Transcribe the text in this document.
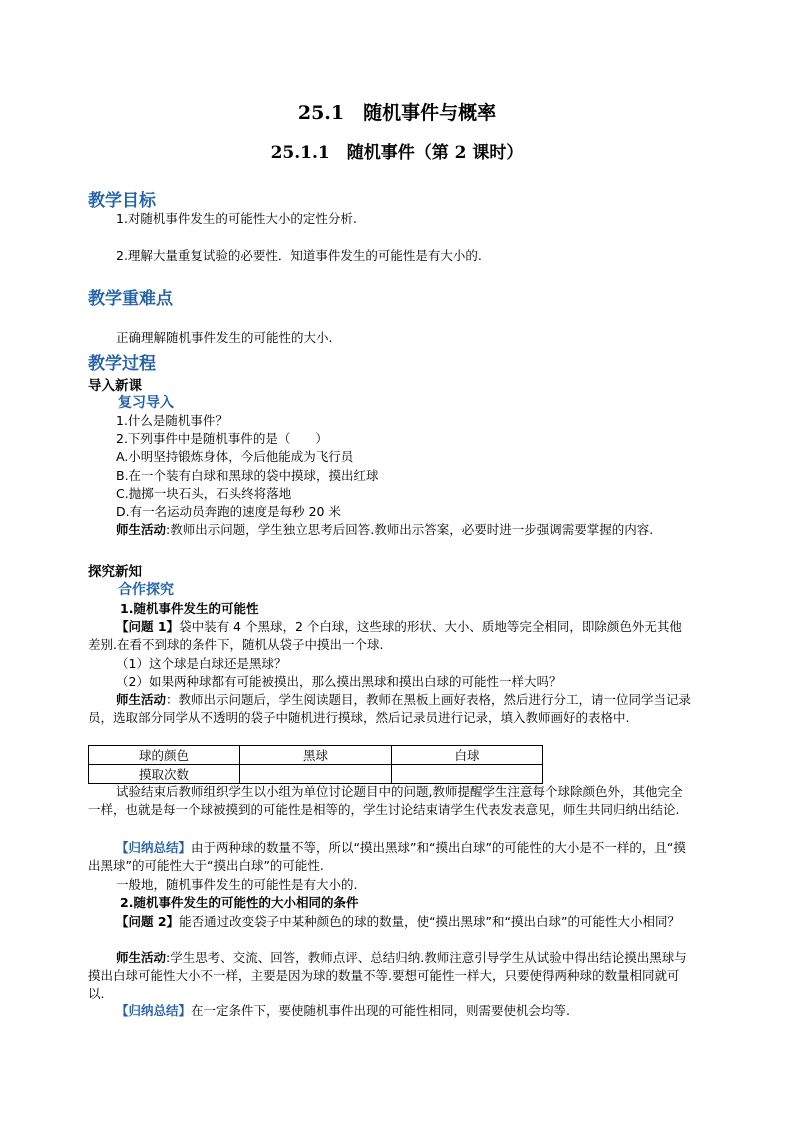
25.1　随机事件与概率
25.1.1　随机事件（第 2 课时）
教学目标
1.对随机事件发生的可能性大小的定性分析.
2.理解大量重复试验的必要性．知道事件发生的可能性是有大小的.
教学重难点
正确理解随机事件发生的可能性的大小.
教学过程
导入新课
复习导入
1.什么是随机事件？
2.下列事件中是随机事件的是（　　）
A.小明坚持锻炼身体，今后他能成为飞行员
B.在一个装有白球和黑球的袋中摸球，摸出红球
C.抛掷一块石头，石头终将落地
D.有一名运动员奔跑的速度是每秒 20 米
师生活动:教师出示问题，学生独立思考后回答.教师出示答案，必要时进一步强调需要掌握的内容.
探究新知
合作探究
1.随机事件发生的可能性
【问题 1】袋中装有 4 个黑球，2 个白球，这些球的形状、大小、质地等完全相同，即除颜色外无其他差别.在看不到球的条件下，随机从袋子中摸出一个球.
（1）这个球是白球还是黑球？
（2）如果两种球都有可能被摸出，那么摸出黑球和摸出白球的可能性一样大吗？
师生活动：教师出示问题后，学生阅读题目，教师在黑板上画好表格，然后进行分工，请一位同学当记录员，选取部分同学从不透明的袋子中随机进行摸球，然后记录员进行记录，填入教师画好的表格中.
球的颜色	黑球	白球
摸取次数		
试验结束后教师组织学生以小组为单位讨论题目中的问题,教师提醒学生注意每个球除颜色外，其他完全一样，也就是每一个球被摸到的可能性是相等的，学生讨论结束请学生代表发表意见，师生共同归纳出结论.
【归纳总结】由于两种球的数量不等，所以“摸出黑球”和“摸出白球”的可能性的大小是不一样的，且“摸出黑球”的可能性大于“摸出白球”的可能性.
一般地，随机事件发生的可能性是有大小的.
2.随机事件发生的可能性的大小相同的条件
【问题 2】能否通过改变袋子中某种颜色的球的数量，使“摸出黑球”和“摸出白球”的可能性大小相同？
师生活动:学生思考、交流、回答，教师点评、总结归纳.教师注意引导学生从试验中得出结论摸出黑球与摸出白球可能性大小不一样，主要是因为球的数量不等.要想可能性一样大，只要使得两种球的数量相同就可以.
【归纳总结】在一定条件下，要使随机事件出现的可能性相同，则需要使机会均等.
